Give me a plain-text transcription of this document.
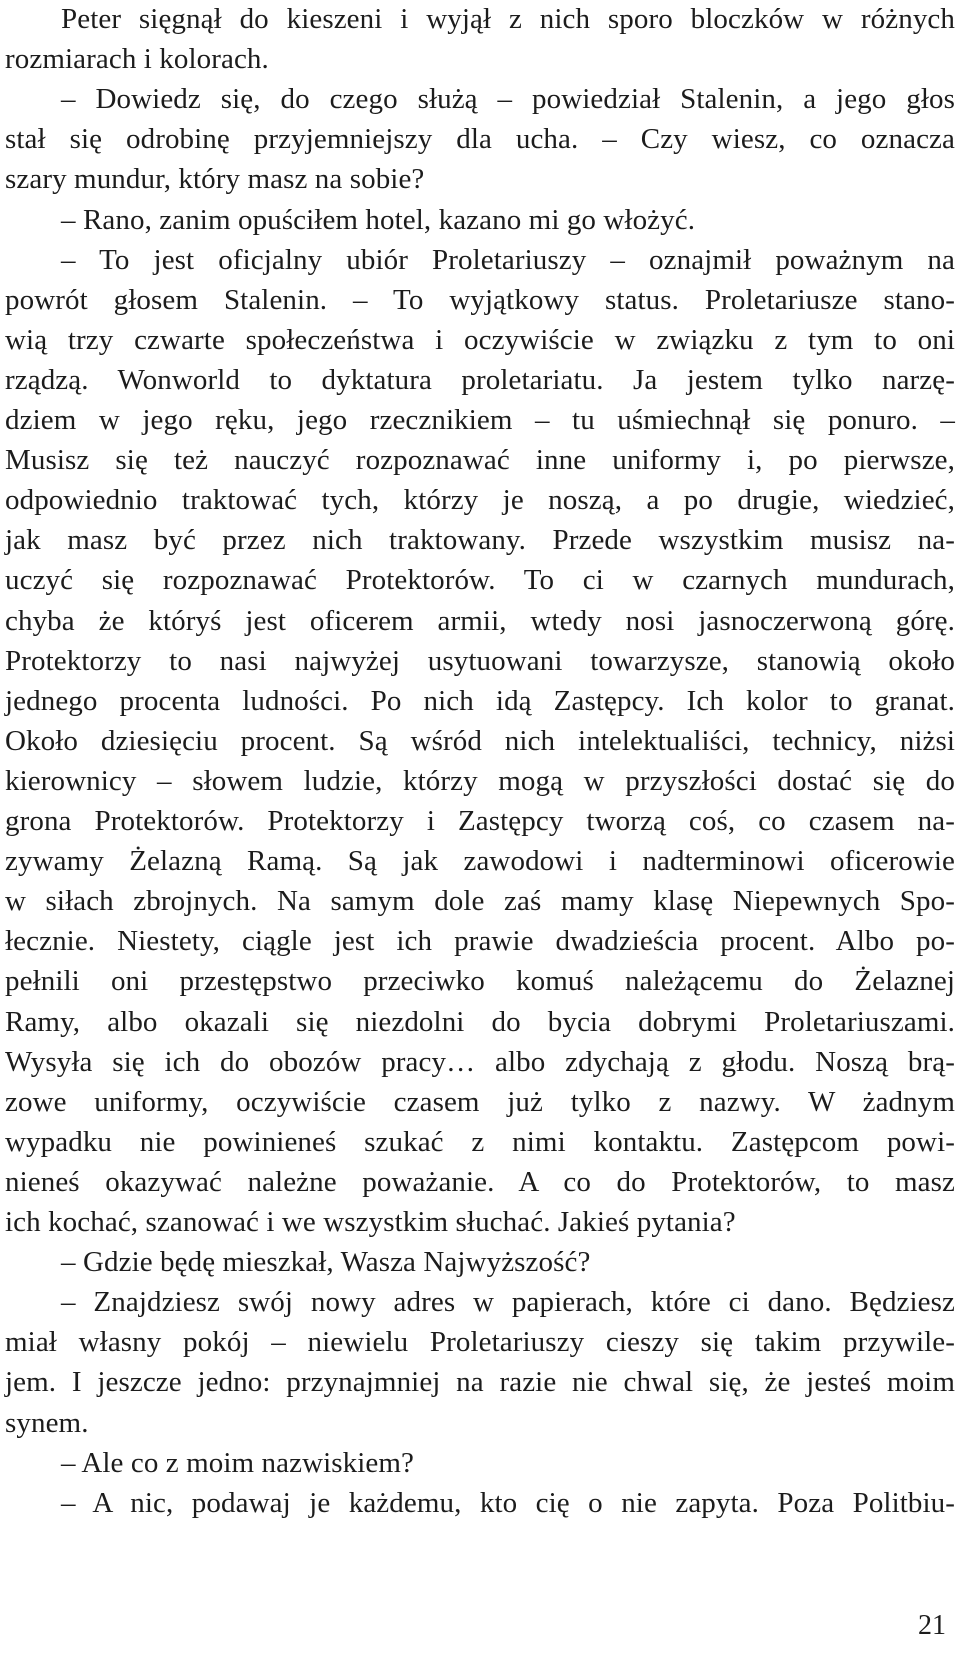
Peter sięgnął do kieszeni i wyjął z nich sporo bloczków w różnych
rozmiarach i kolorach.
– Dowiedz się, do czego służą – powiedział Stalenin, a jego głos
stał się odrobinę przyjemniejszy dla ucha. – Czy wiesz, co oznacza
szary mundur, który masz na sobie?
– Rano, zanim opuściłem hotel, kazano mi go włożyć.
– To jest oficjalny ubiór Proletariuszy – oznajmił poważnym na
powrót głosem Stalenin. – To wyjątkowy status. Proletariusze stano-
wią trzy czwarte społeczeństwa i oczywiście w związku z tym to oni
rządzą. Wonworld to dyktatura proletariatu. Ja jestem tylko narzę-
dziem w jego ręku, jego rzecznikiem – tu uśmiechnął się ponuro. –
Musisz się też nauczyć rozpoznawać inne uniformy i, po pierwsze,
odpowiednio traktować tych, którzy je noszą, a po drugie, wiedzieć,
jak masz być przez nich traktowany. Przede wszystkim musisz na-
uczyć się rozpoznawać Protektorów. To ci w czarnych mundurach,
chyba że któryś jest oficerem armii, wtedy nosi jasnoczerwoną górę.
Protektorzy to nasi najwyżej usytuowani towarzysze, stanowią około
jednego procenta ludności. Po nich idą Zastępcy. Ich kolor to granat.
Około dziesięciu procent. Są wśród nich intelektualiści, technicy, niżsi
kierownicy – słowem ludzie, którzy mogą w przyszłości dostać się do
grona Protektorów. Protektorzy i Zastępcy tworzą coś, co czasem na-
zywamy Żelazną Ramą. Są jak zawodowi i nadterminowi oficerowie
w siłach zbrojnych. Na samym dole zaś mamy klasę Niepewnych Spo-
łecznie. Niestety, ciągle jest ich prawie dwadzieścia procent. Albo po-
pełnili oni przestępstwo przeciwko komuś należącemu do Żelaznej
Ramy, albo okazali się niezdolni do bycia dobrymi Proletariuszami.
Wysyła się ich do obozów pracy… albo zdychają z głodu. Noszą brą-
zowe uniformy, oczywiście czasem już tylko z nazwy. W żadnym
wypadku nie powinieneś szukać z nimi kontaktu. Zastępcom powi-
nieneś okazywać należne poważanie. A co do Protektorów, to masz
ich kochać, szanować i we wszystkim słuchać. Jakieś pytania?
– Gdzie będę mieszkał, Wasza Najwyższość?
– Znajdziesz swój nowy adres w papierach, które ci dano. Będziesz
miał własny pokój – niewielu Proletariuszy cieszy się takim przywile-
jem. I jeszcze jedno: przynajmniej na razie nie chwal się, że jesteś moim
synem.
– Ale co z moim nazwiskiem?
– A nic, podawaj je każdemu, kto cię o nie zapyta. Poza Politbiu-
21
